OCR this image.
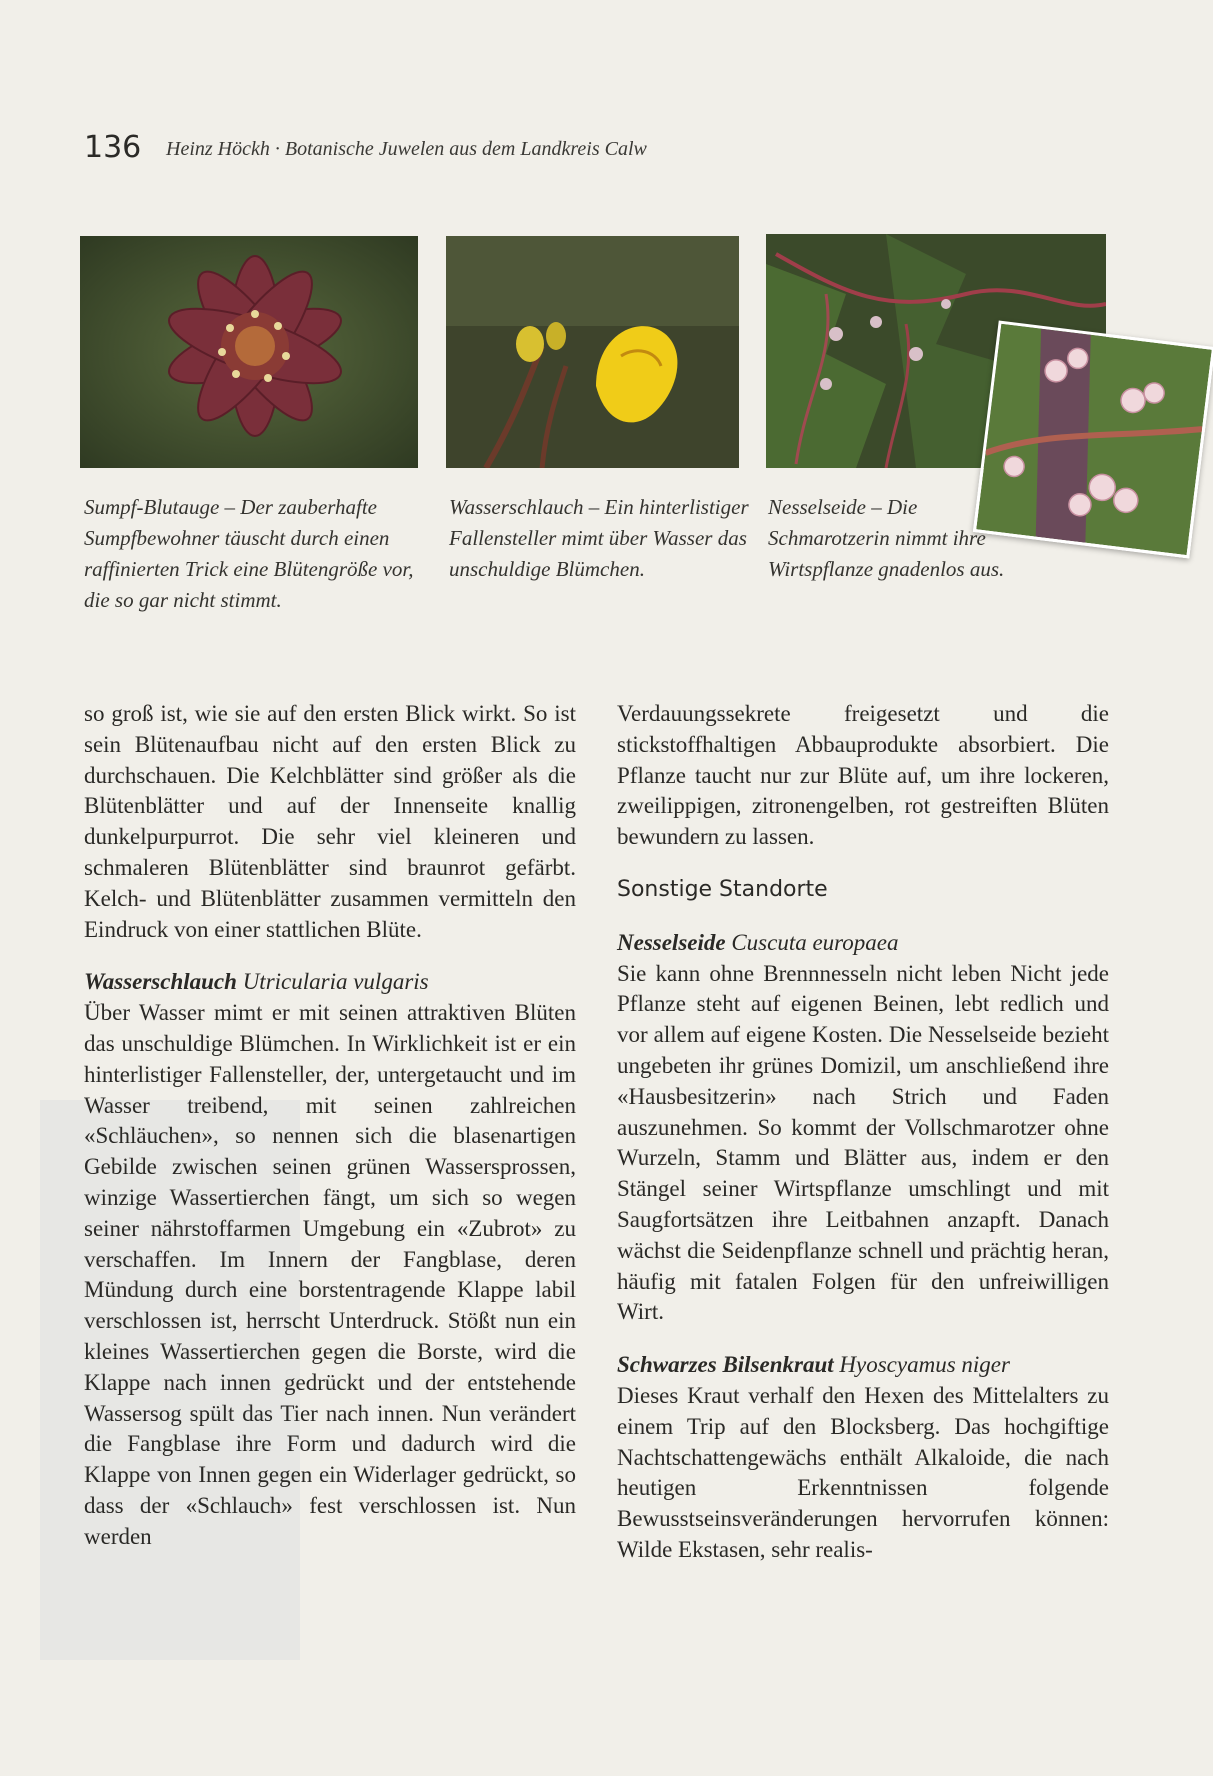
136 Heinz Höckh · Botanische Juwelen aus dem Landkreis Calw
Sumpf-Blutauge – Der zauberhafte Sumpfbewohner täuscht durch einen raffinierten Trick eine Blütengröße vor, die so gar nicht stimmt.
Wasserschlauch – Ein hinterlistiger Fallensteller mimt über Wasser das unschuldige Blümchen.
Nesselseide – Die Schmarotzerin nimmt ihre Wirtspflanze gnadenlos aus.

so groß ist, wie sie auf den ersten Blick wirkt. So ist sein Blütenaufbau nicht auf den ersten Blick zu durchschauen. Die Kelchblätter sind größer als die Blütenblätter und auf der Innenseite knallig dunkelpurpurrot. Die sehr viel kleineren und schmaleren Blütenblätter sind braunrot gefärbt. Kelch- und Blütenblätter zusammen vermitteln den Eindruck von einer stattlichen Blüte.

Wasserschlauch Utricularia vulgaris

Über Wasser mimt er mit seinen attraktiven Blüten das unschuldige Blümchen. In Wirklichkeit ist er ein hinterlistiger Fallensteller, der, untergetaucht und im Wasser treibend, mit seinen zahlreichen «Schläuchen», so nennen sich die blasenartigen Gebilde zwischen seinen grünen Wassersprossen, winzige Wassertierchen fängt, um sich so wegen seiner nährstoffarmen Umgebung ein «Zubrot» zu verschaffen. Im Innern der Fangblase, deren Mündung durch eine borstentragende Klappe labil verschlossen ist, herrscht Unterdruck. Stößt nun ein kleines Wassertierchen gegen die Borste, wird die Klappe nach innen gedrückt und der entstehende Wassersog spült das Tier nach innen. Nun verändert die Fangblase ihre Form und dadurch wird die Klappe von Innen gegen ein Widerlager gedrückt, so dass der «Schlauch» fest verschlossen ist. Nun werden

Verdauungssekrete freigesetzt und die stickstoffhaltigen Abbauprodukte absorbiert. Die Pflanze taucht nur zur Blüte auf, um ihre lockeren, zweilippigen, zitronengelben, rot gestreiften Blüten bewundern zu lassen.

Sonstige Standorte

Nesselseide Cuscuta europaea

Sie kann ohne Brennnesseln nicht leben Nicht jede Pflanze steht auf eigenen Beinen, lebt redlich und vor allem auf eigene Kosten. Die Nesselseide bezieht ungebeten ihr grünes Domizil, um anschließend ihre «Hausbesitzerin» nach Strich und Faden auszunehmen. So kommt der Vollschmarotzer ohne Wurzeln, Stamm und Blätter aus, indem er den Stängel seiner Wirtspflanze umschlingt und mit Saugfortsätzen ihre Leitbahnen anzapft. Danach wächst die Seidenpflanze schnell und prächtig heran, häufig mit fatalen Folgen für den unfreiwilligen Wirt.

Schwarzes Bilsenkraut Hyoscyamus niger

Dieses Kraut verhalf den Hexen des Mittelalters zu einem Trip auf den Blocksberg. Das hochgiftige Nachtschattengewächs enthält Alkaloide, die nach heutigen Erkenntnissen folgende Bewusstseinsveränderungen hervorrufen können: Wilde Ekstasen, sehr realis-
